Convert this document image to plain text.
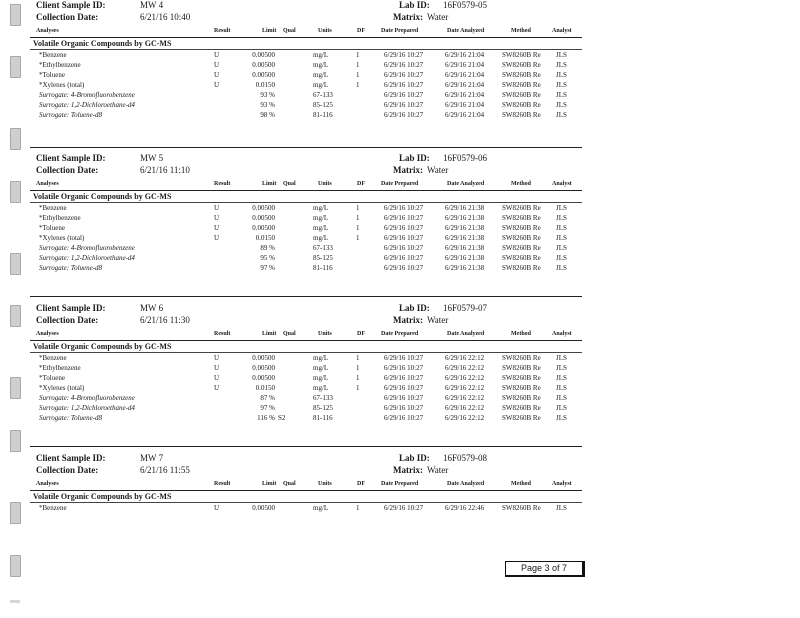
Client Sample ID:	MW 4
Collection Date:	6/21/16 10:40
Lab ID: 16F0579-05
Matrix: Water
Analyses	Result	Limit Qual	Units	DF	Date Prepared	Date Analyzed	Method	Analyst
Volatile Organic Compounds by GC-MS
*Benzene	U	0.00500	mg/L	1	6/29/16 10:27	6/29/16 21:04	SW8260B Re JLS
*Ethylbenzene	U	0.00500	mg/L	1	6/29/16 10:27	6/29/16 21:04	SW8260B Re JLS
*Toluene	U	0.00500	mg/L	1	6/29/16 10:27	6/29/16 21:04	SW8260B Re JLS
*Xylenes (total)	U	0.0150	mg/L	1	6/29/16 10:27	6/29/16 21:04	SW8260B Re JLS
Surrogate: 4-Bromofluorobenzene	93 %	67-133	6/29/16 10:27	6/29/16 21:04	SW8260B Re JLS
Surrogate: 1,2-Dichloroethane-d4	93 %	85-125	6/29/16 10:27	6/29/16 21:04	SW8260B Re JLS
Surrogate: Toluene-d8	98 %	81-116	6/29/16 10:27	6/29/16 21:04	SW8260B Re JLS
Client Sample ID:	MW 5
Collection Date:	6/21/16 11:10
Lab ID: 16F0579-06
Matrix: Water
Analyses	Result	Limit Qual	Units	DF	Date Prepared	Date Analyzed	Method	Analyst
Volatile Organic Compounds by GC-MS
*Benzene	U	0.00500	mg/L	1	6/29/16 10:27	6/29/16 21:38	SW8260B Re JLS
*Ethylbenzene	U	0.00500	mg/L	1	6/29/16 10:27	6/29/16 21:38	SW8260B Re JLS
*Toluene	U	0.00500	mg/L	1	6/29/16 10:27	6/29/16 21:38	SW8260B Re JLS
*Xylenes (total)	U	0.0150	mg/L	1	6/29/16 10:27	6/29/16 21:38	SW8260B Re JLS
Surrogate: 4-Bromofluorobenzene	89 %	67-133	6/29/16 10:27	6/29/16 21:38	SW8260B Re JLS
Surrogate: 1,2-Dichloroethane-d4	95 %	85-125	6/29/16 10:27	6/29/16 21:38	SW8260B Re JLS
Surrogate: Toluene-d8	97 %	81-116	6/29/16 10:27	6/29/16 21:38	SW8260B Re JLS
Client Sample ID:	MW 6
Collection Date:	6/21/16 11:30
Lab ID: 16F0579-07
Matrix: Water
Analyses	Result	Limit Qual	Units	DF	Date Prepared	Date Analyzed	Method	Analyst
Volatile Organic Compounds by GC-MS
*Benzene	U	0.00500	mg/L	1	6/29/16 10:27	6/29/16 22:12	SW8260B Re JLS
*Ethylbenzene	U	0.00500	mg/L	1	6/29/16 10:27	6/29/16 22:12	SW8260B Re JLS
*Toluene	U	0.00500	mg/L	1	6/29/16 10:27	6/29/16 22:12	SW8260B Re JLS
*Xylenes (total)	U	0.0150	mg/L	1	6/29/16 10:27	6/29/16 22:12	SW8260B Re JLS
Surrogate: 4-Bromofluorobenzene	87 %	67-133	6/29/16 10:27	6/29/16 22:12	SW8260B Re JLS
Surrogate: 1,2-Dichloroethane-d4	97 %	85-125	6/29/16 10:27	6/29/16 22:12	SW8260B Re JLS
Surrogate: Toluene-d8	116 % S2	81-116	6/29/16 10:27	6/29/16 22:12	SW8260B Re JLS
Client Sample ID:	MW 7
Collection Date:	6/21/16 11:55
Lab ID: 16F0579-08
Matrix: Water
Analyses	Result	Limit Qual	Units	DF	Date Prepared	Date Analyzed	Method	Analyst
Volatile Organic Compounds by GC-MS
*Benzene	U	0.00500	mg/L	1	6/29/16 10:27	6/29/16 22:46	SW8260B Re JLS
Page 3 of 7
